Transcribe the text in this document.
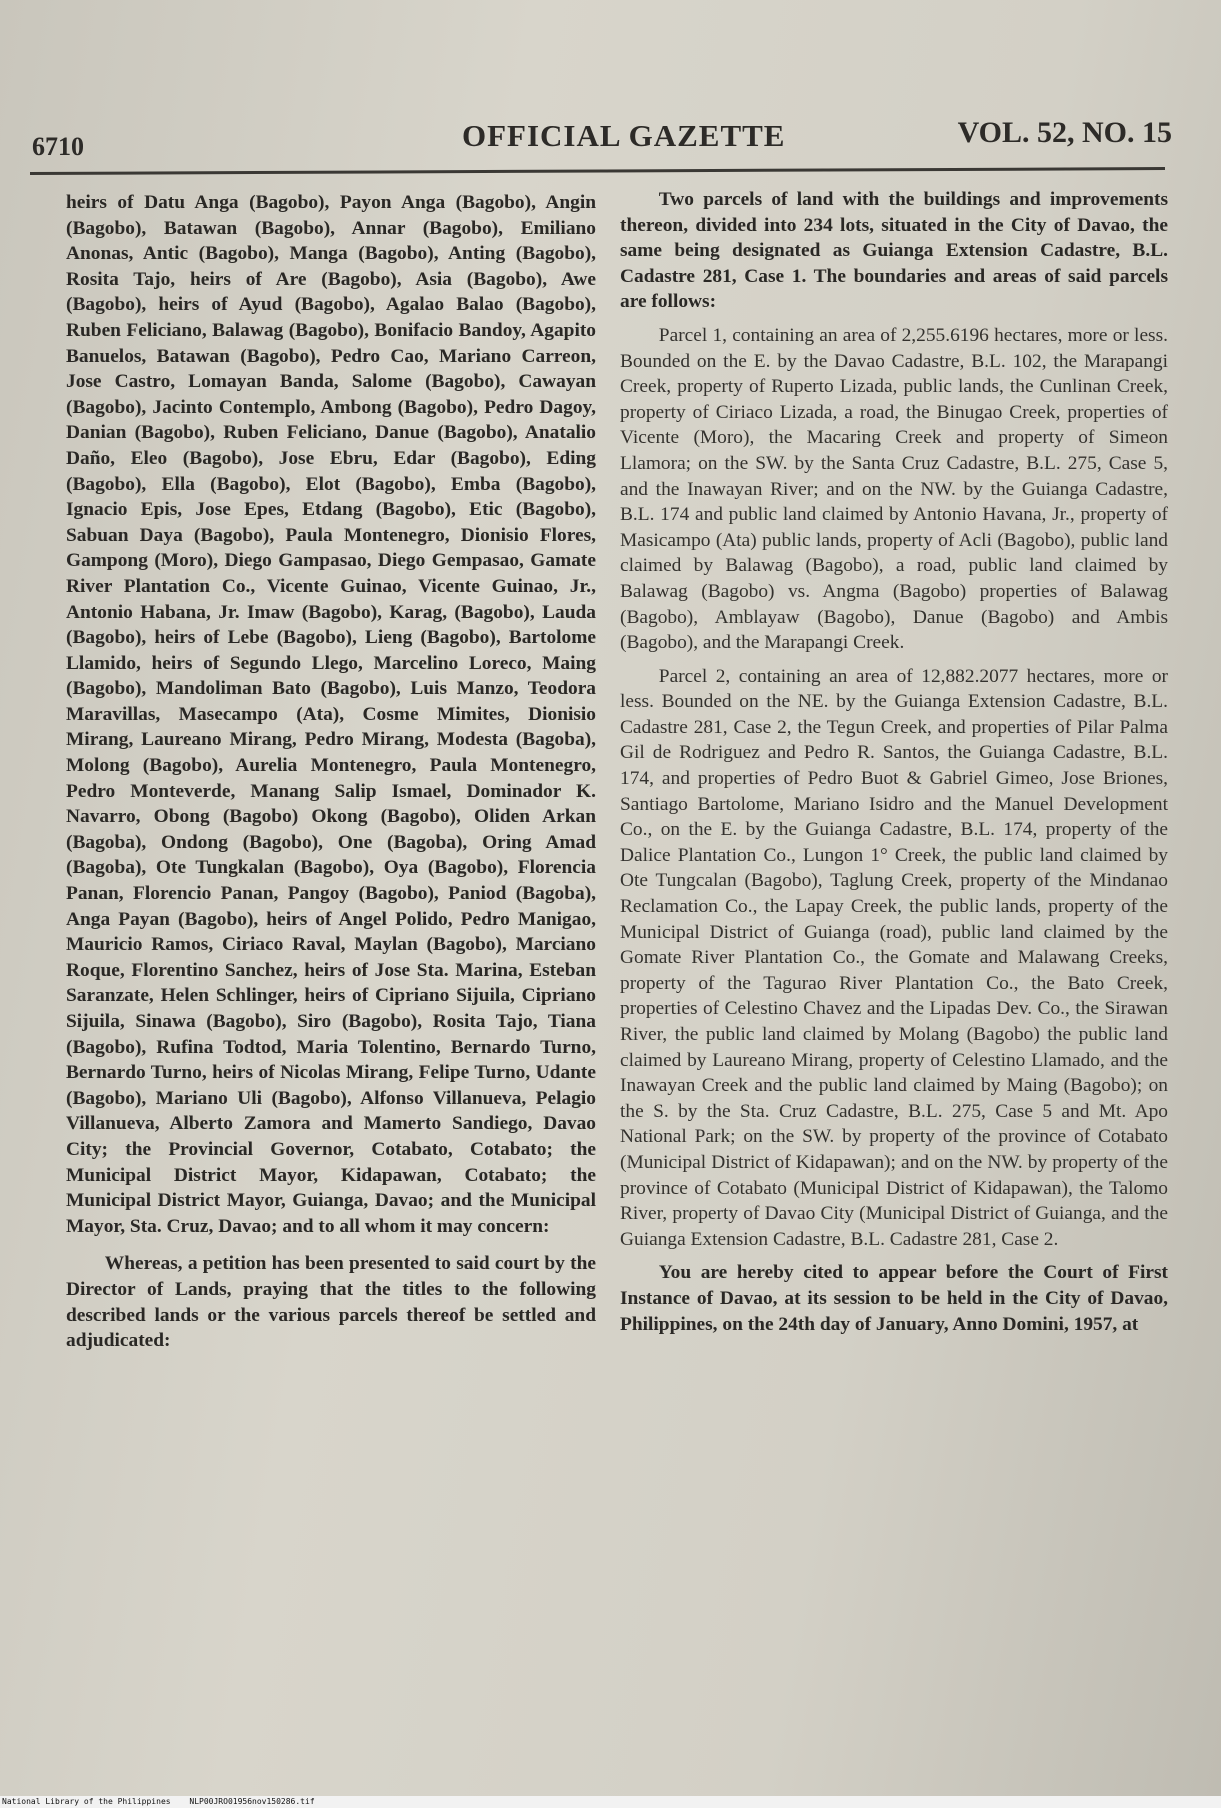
6710	OFFICIAL GAZETTE	VOL. 52, NO. 15

heirs of Datu Anga (Bagobo), Payon Anga (Bagobo), Angin (Bagobo), Batawan (Bagobo), Annar (Bagobo), Emiliano Anonas, Antic (Bagobo), Manga (Bagobo), Anting (Bagobo), Rosita Tajo, heirs of Are (Bagobo), Asia (Bagobo), Awe (Bagobo), heirs of Ayud (Bagobo), Agalao Balao (Bagobo), Ruben Feliciano, Balawag (Bagobo), Bonifacio Bandoy, Agapito Banuelos, Batawan (Bagobo), Pedro Cao, Mariano Carreon, Jose Castro, Lomayan Banda, Salome (Bagobo), Cawayan (Bagobo), Jacinto Contemplo, Ambong (Bagobo), Pedro Dagoy, Danian (Bagobo), Ruben Feliciano, Danue (Bagobo), Anatalio Daño, Eleo (Bagobo), Jose Ebru, Edar (Bagobo), Eding (Bagobo), Ella (Bagobo), Elot (Bagobo), Emba (Bagobo), Ignacio Epis, Jose Epes, Etdang (Bagobo), Etic (Bagobo), Sabuan Daya (Bagobo), Paula Montenegro, Dionisio Flores, Gampong (Moro), Diego Gampasao, Diego Gempasao, Gamate River Plantation Co., Vicente Guinao, Vicente Guinao, Jr., Antonio Habana, Jr. Imaw (Bagobo), Karag, (Bagobo), Lauda (Bagobo), heirs of Lebe (Bagobo), Lieng (Bagobo), Bartolome Llamido, heirs of Segundo Llego, Marcelino Loreco, Maing (Bagobo), Mandoliman Bato (Bagobo), Luis Manzo, Teodora Maravillas, Masecampo (Ata), Cosme Mimites, Dionisio Mirang, Laureano Mirang, Pedro Mirang, Modesta (Bagoba), Molong (Bagobo), Aurelia Montenegro, Paula Montenegro, Pedro Monteverde, Manang Salip Ismael, Dominador K. Navarro, Obong (Bagobo) Okong (Bagobo), Oliden Arkan (Bagoba), Ondong (Bagobo), One (Bagoba), Oring Amad (Bagoba), Ote Tungkalan (Bagobo), Oya (Bagobo), Florencia Panan, Florencio Panan, Pangoy (Bagobo), Paniod (Bagoba), Anga Payan (Bagobo), heirs of Angel Polido, Pedro Manigao, Mauricio Ramos, Ciriaco Raval, Maylan (Bagobo), Marciano Roque, Florentino Sanchez, heirs of Jose Sta. Marina, Esteban Saranzate, Helen Schlinger, heirs of Cipriano Sijuila, Cipriano Sijuila, Sinawa (Bagobo), Siro (Bagobo), Rosita Tajo, Tiana (Bagobo), Rufina Todtod, Maria Tolentino, Bernardo Turno, Bernardo Turno, heirs of Nicolas Mirang, Felipe Turno, Udante (Bagobo), Mariano Uli (Bagobo), Alfonso Villanueva, Pelagio Villanueva, Alberto Zamora and Mamerto Sandiego, Davao City; the Provincial Governor, Cotabato, Cotabato; the Municipal District Mayor, Kidapawan, Cotabato; the Municipal District Mayor, Guianga, Davao; and the Municipal Mayor, Sta. Cruz, Davao; and to all whom it may concern:

Whereas, a petition has been presented to said court by the Director of Lands, praying that the titles to the following described lands or the various parcels thereof be settled and adjudicated:

Two parcels of land with the buildings and improvements thereon, divided into 234 lots, situated in the City of Davao, the same being designated as Guianga Extension Cadastre, B.L. Cadastre 281, Case 1. The boundaries and areas of said parcels are follows:

Parcel 1, containing an area of 2,255.6196 hectares, more or less. Bounded on the E. by the Davao Cadastre, B.L. 102, the Marapangi Creek, property of Ruperto Lizada, public lands, the Cunlinan Creek, property of Ciriaco Lizada, a road, the Binugao Creek, properties of Vicente (Moro), the Macaring Creek and property of Simeon Llamora; on the SW. by the Santa Cruz Cadastre, B.L. 275, Case 5, and the Inawayan River; and on the NW. by the Guianga Cadastre, B.L. 174 and public land claimed by Antonio Havana, Jr., property of Masicampo (Ata) public lands, property of Acli (Bagobo), public land claimed by Balawag (Bagobo), a road, public land claimed by Balawag (Bagobo) vs. Angma (Bagobo) properties of Balawag (Bagobo), Amblayaw (Bagobo), Danue (Bagobo) and Ambis (Bagobo), and the Marapangi Creek.

Parcel 2, containing an area of 12,882.2077 hectares, more or less. Bounded on the NE. by the Guianga Extension Cadastre, B.L. Cadastre 281, Case 2, the Tegun Creek, and properties of Pilar Palma Gil de Rodriguez and Pedro R. Santos, the Guianga Cadastre, B.L. 174, and properties of Pedro Buot & Gabriel Gimeo, Jose Briones, Santiago Bartolome, Mariano Isidro and the Manuel Development Co., on the E. by the Guianga Cadastre, B.L. 174, property of the Dalice Plantation Co., Lungon 1° Creek, the public land claimed by Ote Tungcalan (Bagobo), Taglung Creek, property of the Mindanao Reclamation Co., the Lapay Creek, the public lands, property of the Municipal District of Guianga (road), public land claimed by the Gomate River Plantation Co., the Gomate and Malawang Creeks, property of the Tagurao River Plantation Co., the Bato Creek, properties of Celestino Chavez and the Lipadas Dev. Co., the Sirawan River, the public land claimed by Molang (Bagobo) the public land claimed by Laureano Mirang, property of Celestino Llamado, and the Inawayan Creek and the public land claimed by Maing (Bagobo); on the S. by the Sta. Cruz Cadastre, B.L. 275, Case 5 and Mt. Apo National Park; on the SW. by property of the province of Cotabato (Municipal District of Kidapawan); and on the NW. by property of the province of Cotabato (Municipal District of Kidapawan), the Talomo River, property of Davao City (Municipal District of Guianga, and the Guianga Extension Cadastre, B.L. Cadastre 281, Case 2.

You are hereby cited to appear before the Court of First Instance of Davao, at its session to be held in the City of Davao, Philippines, on the 24th day of January, Anno Domini, 1957, at

National Library of the Philippines NLP00JRO01956nov150286.tif
